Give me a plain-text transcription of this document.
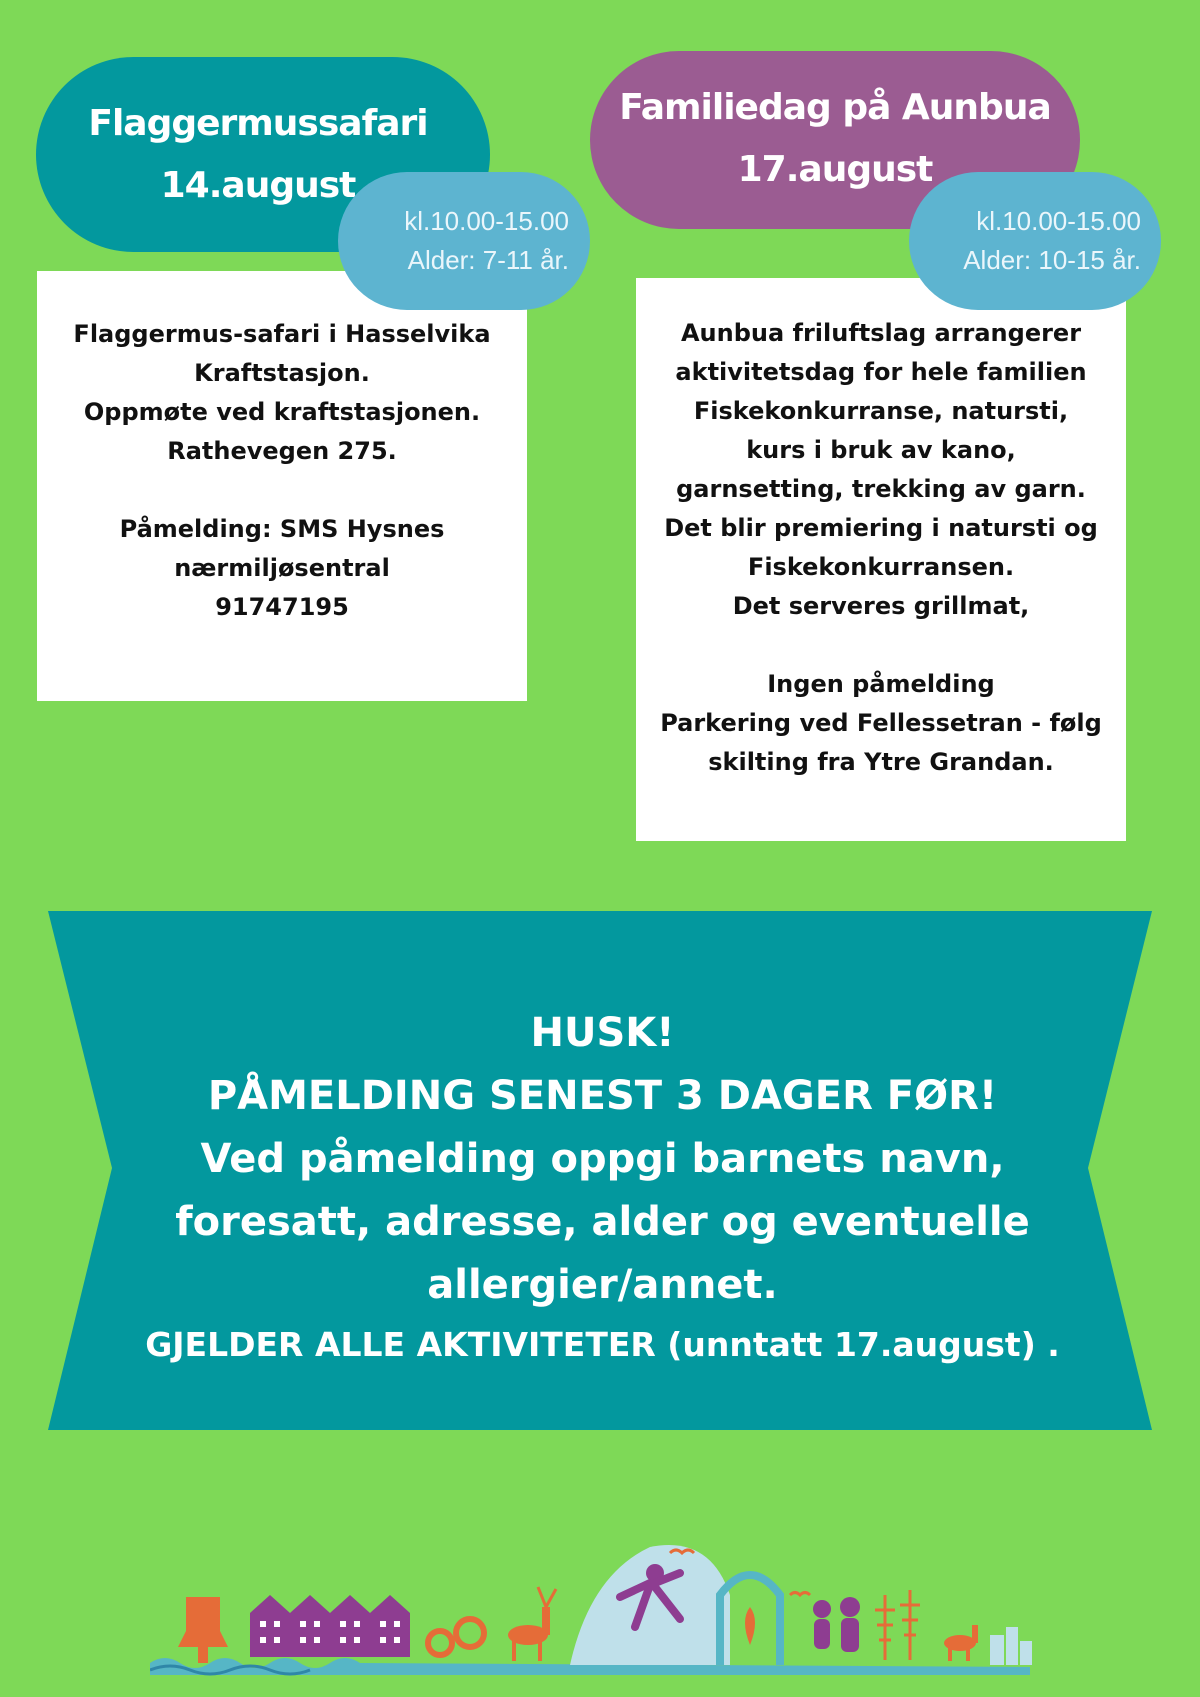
Flaggermussafari
14.august
Familiedag på Aunbua
17.august
Flaggermus-safari i Hasselvika
Kraftstasjon.
Oppmøte ved kraftstasjonen.
Rathevegen 275.
Påmelding: SMS Hysnes
nærmiljøsentral
91747195
Aunbua friluftslag arrangerer
aktivitetsdag for hele familien
Fiskekonkurranse, natursti,
kurs i bruk av kano,
garnsetting, trekking av garn.
Det blir premiering i natursti og
Fiskekonkurransen.
Det serveres grillmat,
Ingen påmelding
Parkering ved Fellessetran - følg
skilting fra Ytre Grandan.
kl.10.00-15.00
Alder: 7-11 år.
kl.10.00-15.00
Alder: 10-15 år.
HUSK!
PÅMELDING SENEST 3 DAGER FØR!
Ved påmelding oppgi barnets navn,
foresatt, adresse, alder og eventuelle
allergier/annet.
GJELDER ALLE AKTIVITETER (unntatt 17.august) .
